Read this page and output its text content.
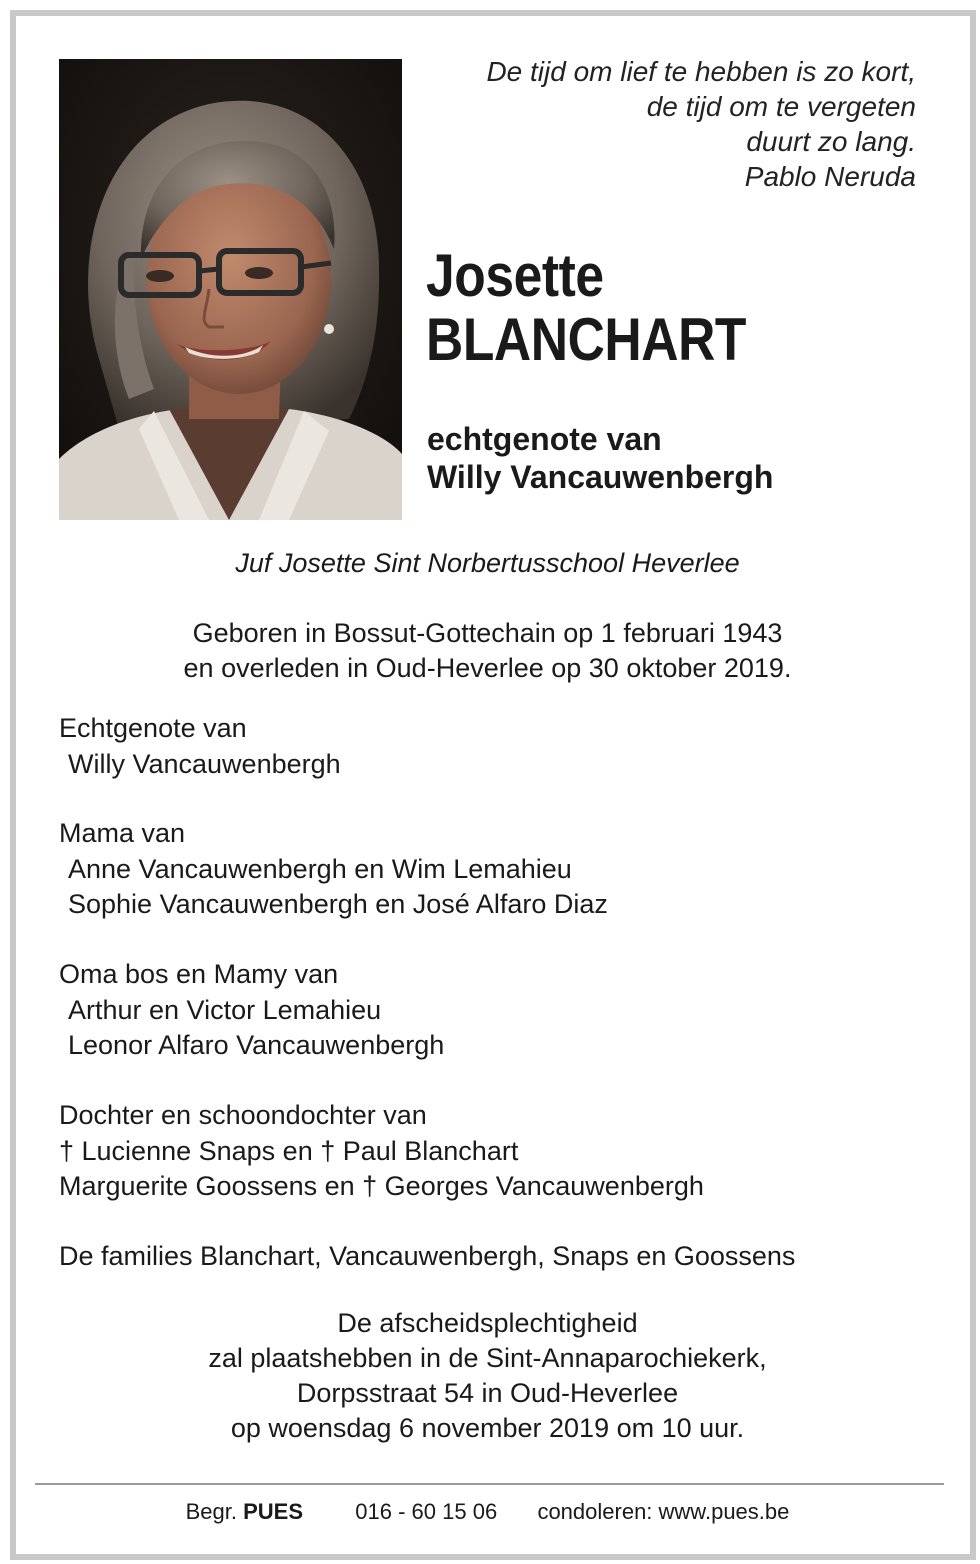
De tijd om lief te hebben is zo kort,
de tijd om te vergeten
duurt zo lang.
Pablo Neruda
Josette
BLANCHART
echtgenote van
Willy Vancauwenbergh
Juf Josette Sint Norbertusschool Heverlee
Geboren in Bossut-Gottechain op 1 februari 1943
en overleden in Oud-Heverlee op 30 oktober 2019.
Echtgenote van
Willy Vancauwenbergh
Mama van
Anne Vancauwenbergh en Wim Lemahieu
Sophie Vancauwenbergh en José Alfaro Diaz
Oma bos en Mamy van
Arthur en Victor Lemahieu
Leonor Alfaro Vancauwenbergh
Dochter en schoondochter van
† Lucienne Snaps en † Paul Blanchart
Marguerite Goossens en † Georges Vancauwenbergh
De families Blanchart, Vancauwenbergh, Snaps en Goossens
De afscheidsplechtigheid
zal plaatshebben in de Sint-Annaparochiekerk,
Dorpsstraat 54 in Oud-Heverlee
op woensdag 6 november 2019 om 10 uur.
Begr. PUES 016 - 60 15 06 condoleren: www.pues.be
